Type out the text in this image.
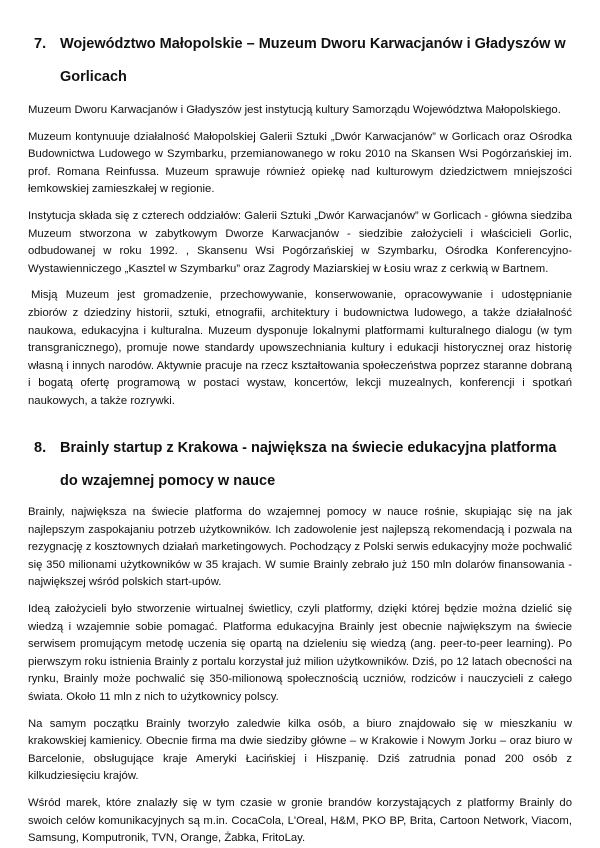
7. Województwo Małopolskie – Muzeum Dworu Karwacjanów i Gładyszów w Gorlicach

Muzeum Dworu Karwacjanów i Gładyszów jest instytucją kultury Samorządu Województwa Małopolskiego.

Muzeum kontynuuje działalność Małopolskiej Galerii Sztuki „Dwór Karwacjanów” w Gorlicach oraz Ośrodka Budownictwa Ludowego w Szymbarku, przemianowanego w roku 2010 na Skansen Wsi Pogórzańskiej im. prof. Romana Reinfussa. Muzeum sprawuje również opiekę nad kulturowym dziedzictwem mniejszości łemkowskiej zamieszkałej w regionie.

Instytucja składa się z czterech oddziałów: Galerii Sztuki „Dwór Karwacjanów” w Gorlicach - główna siedziba Muzeum stworzona w zabytkowym Dworze Karwacjanów - siedzibie założycieli i właścicieli Gorlic, odbudowanej w roku 1992. , Skansenu Wsi Pogórzańskiej w Szymbarku, Ośrodka Konferencyjno-Wystawienniczego „Kasztel w Szymbarku” oraz Zagrody Maziarskiej w Łosiu wraz z cerkwią w Bartnem.

Misją Muzeum jest gromadzenie, przechowywanie, konserwowanie, opracowywanie i udostępnianie zbiorów z dziedziny historii, sztuki, etnografii, architektury i budownictwa ludowego, a także działalność naukowa, edukacyjna i kulturalna. Muzeum dysponuje lokalnymi platformami kulturalnego dialogu (w tym transgranicznego), promuje nowe standardy upowszechniania kultury i edukacji historycznej oraz historię własną i innych narodów. Aktywnie pracuje na rzecz kształtowania społeczeństwa poprzez staranne dobraną i bogatą ofertę programową w postaci wystaw, koncertów, lekcji muzealnych, konferencji i spotkań naukowych, a także rozrywki.

8. Brainly startup z Krakowa - największa na świecie edukacyjna platforma do wzajemnej pomocy w nauce

Brainly, największa na świecie platforma do wzajemnej pomocy w nauce rośnie, skupiając się na jak najlepszym zaspokajaniu potrzeb użytkowników. Ich zadowolenie jest najlepszą rekomendacją i pozwala na rezygnację z kosztownych działań marketingowych. Pochodzący z Polski serwis edukacyjny może pochwalić się 350 milionami użytkowników w 35 krajach. W sumie Brainly zebrało już 150 mln dolarów finansowania - największej wśród polskich start-upów.

Ideą założycieli było stworzenie wirtualnej świetlicy, czyli platformy, dzięki której będzie można dzielić się wiedzą i wzajemnie sobie pomagać. Platforma edukacyjna Brainly jest obecnie największym na świecie serwisem promującym metodę uczenia się opartą na dzieleniu się wiedzą (ang. peer-to-peer learning). Po pierwszym roku istnienia Brainly z portalu korzystał już milion użytkowników. Dziś, po 12 latach obecności na rynku, Brainly może pochwalić się 350-milionową społecznością uczniów, rodziców i nauczycieli z całego świata. Około 11 mln z nich to użytkownicy polscy.

Na samym początku Brainly tworzyło zaledwie kilka osób, a biuro znajdowało się w mieszkaniu w krakowskiej kamienicy. Obecnie firma ma dwie siedziby główne – w Krakowie i Nowym Jorku – oraz biuro w Barcelonie, obsługujące kraje Ameryki Łacińskiej i Hiszpanię. Dziś zatrudnia ponad 200 osób z kilkudziesięciu krajów.

Wśród marek, które znalazły się w tym czasie w gronie brandów korzystających z platformy Brainly do swoich celów komunikacyjnych są m.in. CocaCola, L'Oreal, H&M, PKO BP, Brita, Cartoon Network, Viacom, Samsung, Komputronik, TVN, Orange, Żabka, FritoLay.
